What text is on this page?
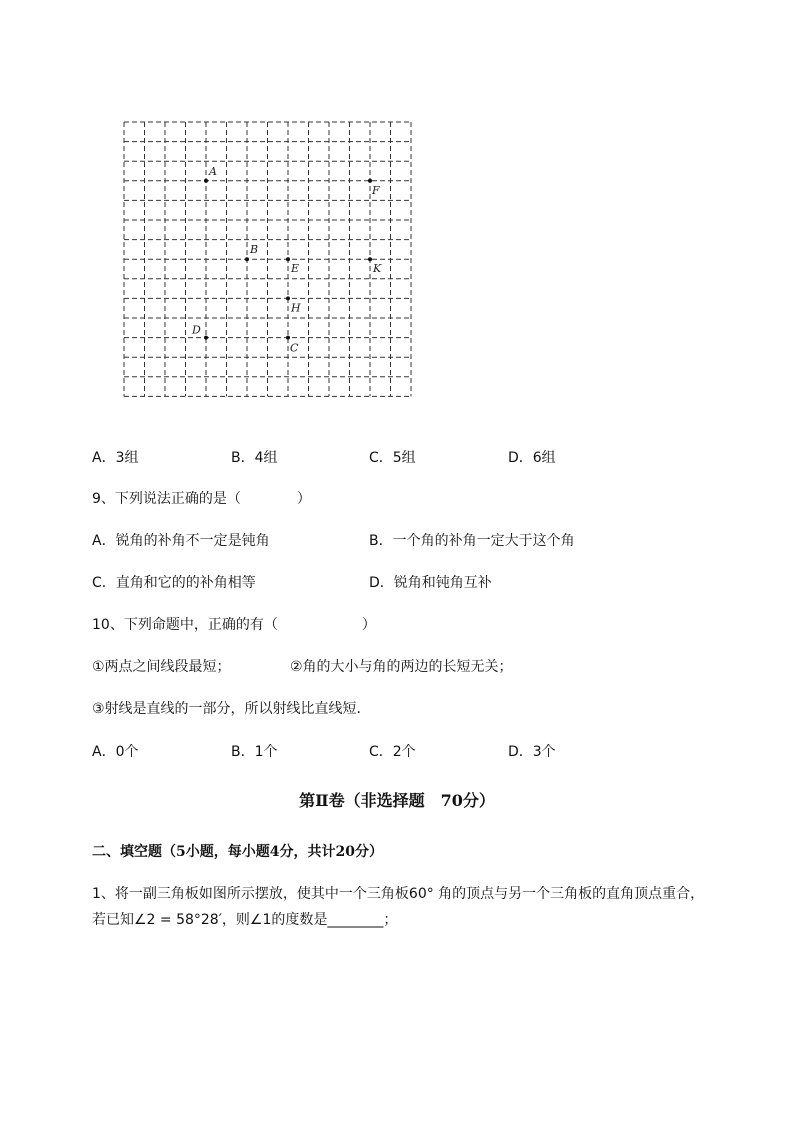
A
F
B
E	K
H
D
C
A．3组	B．4组	C．5组	D．6组
9、下列说法正确的是（　　　　）
A．锐角的补角不一定是钝角	B．一个角的补角一定大于这个角
C．直角和它的的补角相等	D．锐角和钝角互补
10、下列命题中，正确的有（　　　　　　）
①两点之间线段最短；	②角的大小与角的两边的长短无关；
③射线是直线的一部分，所以射线比直线短．
A．0个	B．1个	C．2个	D．3个
第Ⅱ卷（非选择题　70分）
二、填空题（5小题，每小题4分，共计20分）
1、将一副三角板如图所示摆放，使其中一个三角板60° 角的顶点与另一个三角板的直角顶点重合，
若已知∠2 = 58°28′，则∠1的度数是________；
